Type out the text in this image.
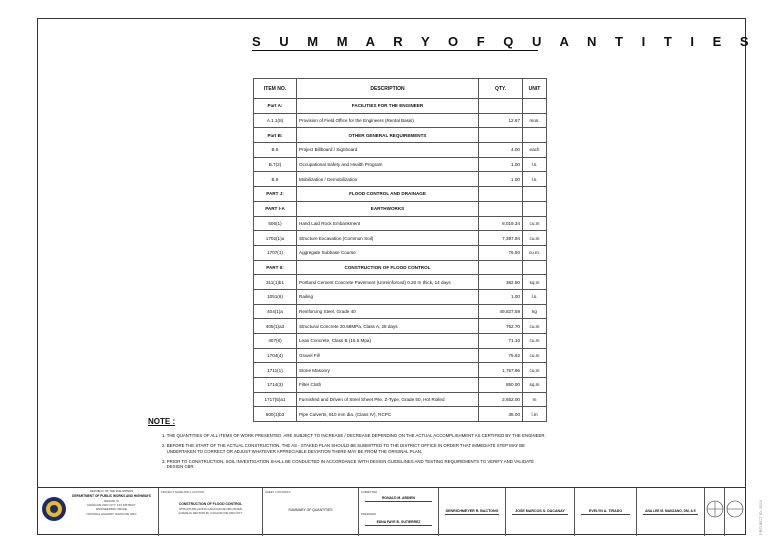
S U M M A R Y O F Q U A N T I T I E S
ITEM NO.	DESCRIPTION	QTY.	UNIT
Part A:	FACILITIES FOR THE ENGINEER		
A.1.1(8)	Provision of Field Office for the Engineers (Rental Basis)	12.67	mos.
Part B:	OTHER GENERAL REQUIREMENTS		
B.5	Project Billboard / Signboard	4.00	each
B.7(2)	Occupational Safety and Health Program	1.00	l.s.
B.9	Mobilization / Demobilization	1.00	l.s.
PART J:	FLOOD CONTROL AND DRAINAGE		
PART I-A	EARTHWORKS		
506(1)	Hand Laid Rock Embankment	8,019.34	cu.m
1702(1)a	Structure Excavation (Common Soil)	7,397.94	cu.m
1707(1)	Aggregate Subbase Course	76.50	cu.m.
PART II:	CONSTRUCTION OF FLOOD CONTROL		
311(1)b1	Portland Cement Concrete Pavement (Unreinforced) 0.20 m thick, 14 days	382.50	sq.m
1051(6)	Railing	1.00	l.s.
404(1)a	Reinforcing Steel, Grade 40	49,827.59	kg
405(1)a3	Structural Concrete 20.68MPa, Class A, 28 days	752.70	cu.m
407(8)	Lean Concrete, Class B (16.5 Mpa)	71.10	cu.m
1704(4)	Gravel Fill	75.62	cu.m
1711(1)	Stone Masonry	1,757.96	cu.m
1714(3)	Filter Cloth	850.00	sq.m
1717(5)a1	Furnished and Driven of Steel Sheet Pile, Z-Type, Grade 50, Hot Rolled	2,652.00	m
500(1)b3	Pipe Culverts, 910 mm dia. (Class IV), RCPC	35.00	l.m
NOTE :
1. THE QUANTITIES OF ALL ITEMS OF WORK PRESENTED  ARE SUBJECT TO INCREASE / DECREASE DEPENDING ON THE ACTUAL ACCOMPLISHMENT AS CERTIFIED BY THE ENGINEER.
2. BEFORE THE START OF THE ACTUAL CONSTRUCTION, THE AS - STAKED PLAN SHOULD BE SUBMITTED TO THE DISTRICT OFFICE IN ORDER THAT IMMEDIATE STEP MAY BE
UNDERTAKEN TO CORRECT OR ADJUST WHATEVER APPRECIABLE DEVIATION THERE MAY BE FROM THE ORIGINAL PLAN.
3. PRIOR TO CONSTRUCTION, SOIL INVESTIGATION SHALL BE CONDUCTED IN ACCORDANCE WITH DESIGN GUIDELINES AND TESTING REQUIREMENTS TO VERIFY AND VALIDATE
DESIGN CBR.
REPUBLIC OF THE PHILIPPINES
DEPARTMENT OF PUBLIC WORKS AND HIGHWAYS
REGION XI
DAVAO DE ORO CITY, 1ST DISTRICT
ENGINEERING OFFICE
NATIONAL HIGHWAY, DAVAO DE ORO
PROJECT NAME AND LOCATION
CONSTRUCTION OF FLOOD CONTROL
STRUCTURE ALONG CAGAYAN DE ORO RIVER
(CAMALIG SECTION B), CAGAYAN DE ORO CITY
SHEET CONTENTS
SUMMARY OF QUANTITIES
SUBMITTED
RONALD M. ABDIEN
PREPARED
EDNA FAYE B. GUTIERREZ
DENRICHMEYER R. BACTONG	JOSE MARCOS S. DACANAY	EVELYN A. TIRADO	ANA LEE M. MANZANO, DM, A E	PROJECT ID: 2024
